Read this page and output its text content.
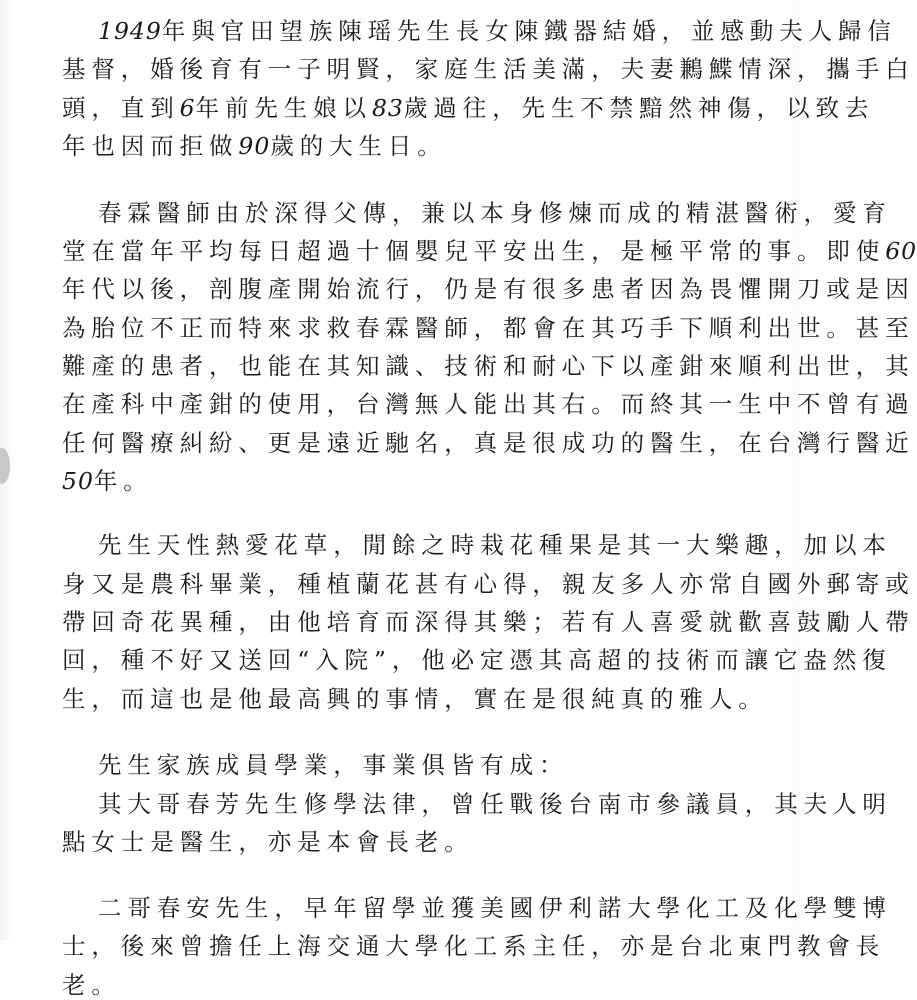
1949年與官田望族陳瑶先生長女陳鐵器結婚，並感動夫人歸信
基督，婚後育有一子明賢，家庭生活美滿，夫妻鶼鰈情深，攜手白
頭，直到6年前先生娘以83歲過往，先生不禁黯然神傷，以致去
年也因而拒做90歲的大生日。
春霖醫師由於深得父傳，兼以本身修煉而成的精湛醫術，愛育
堂在當年平均每日超過十個嬰兒平安出生，是極平常的事。即使60
年代以後，剖腹產開始流行，仍是有很多患者因為畏懼開刀或是因
為胎位不正而特來求救春霖醫師，都會在其巧手下順利出世。甚至
難產的患者，也能在其知識、技術和耐心下以產鉗來順利出世，其
在產科中產鉗的使用，台灣無人能出其右。而終其一生中不曾有過
任何醫療糾紛、更是遠近馳名，真是很成功的醫生，在台灣行醫近
50年。
先生天性熱愛花草，閒餘之時栽花種果是其一大樂趣，加以本
身又是農科畢業，種植蘭花甚有心得，親友多人亦常自國外郵寄或
帶回奇花異種，由他培育而深得其樂；若有人喜愛就歡喜鼓勵人帶
回，種不好又送回“入院”，他必定憑其高超的技術而讓它盎然復
生，而這也是他最高興的事情，實在是很純真的雅人。
先生家族成員學業，事業俱皆有成：
其大哥春芳先生修學法律，曾任戰後台南市參議員，其夫人明
點女士是醫生，亦是本會長老。
二哥春安先生，早年留學並獲美國伊利諾大學化工及化學雙博
士，後來曾擔任上海交通大學化工系主任，亦是台北東門教會長
老。
